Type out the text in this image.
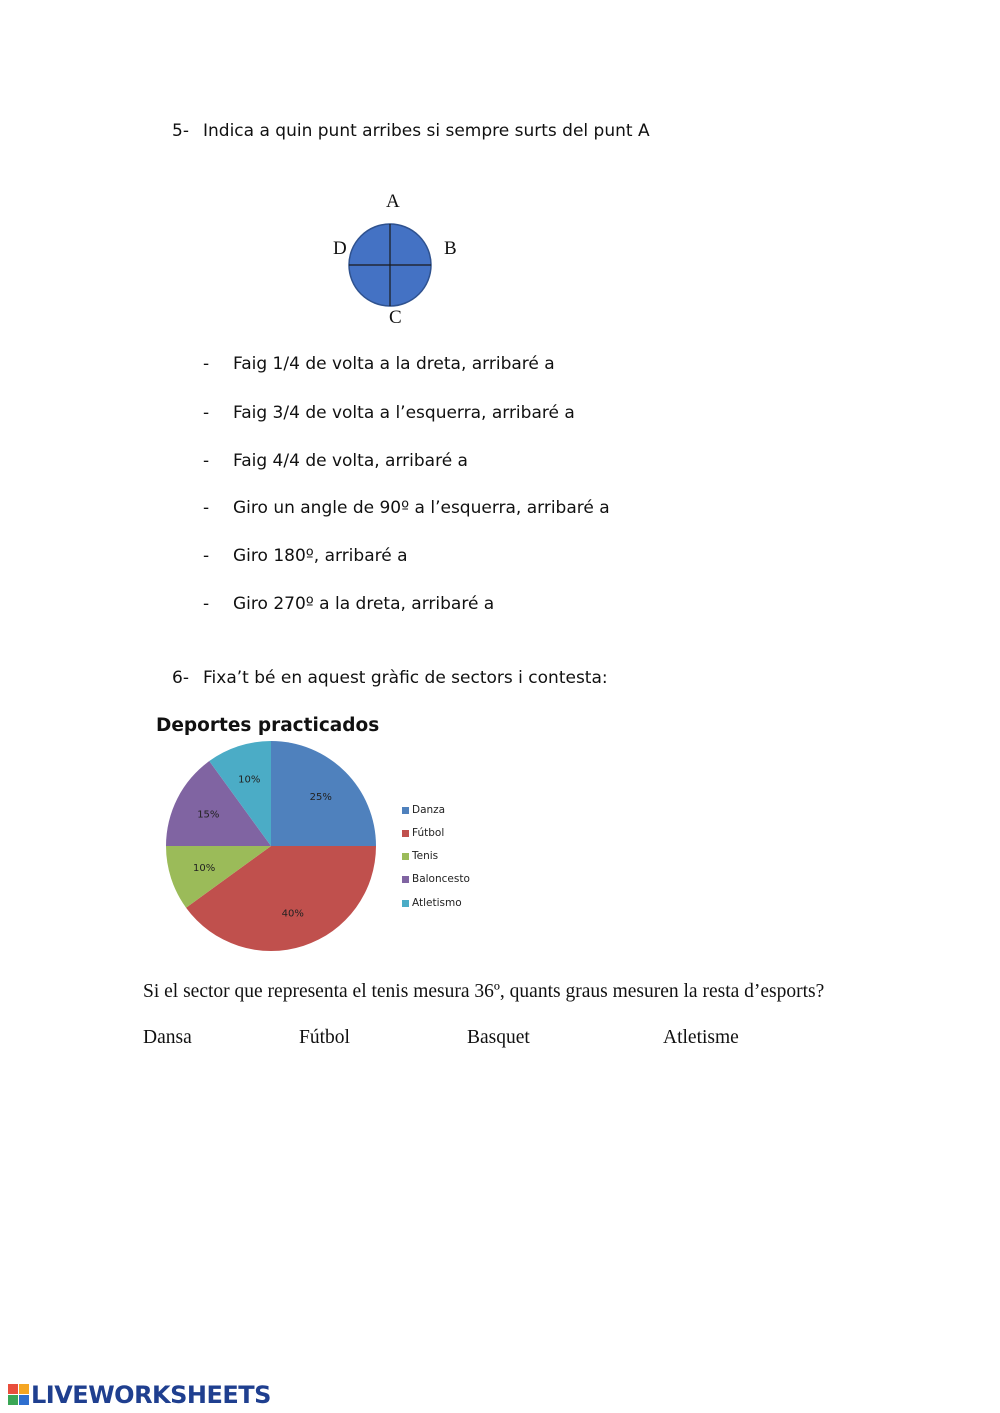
5- Indica a quin punt arribes si sempre surts del punt A
A
B
C
D
- Faig 1/4 de volta a la dreta, arribaré a
- Faig 3/4 de volta a l’esquerra, arribaré a
- Faig 4/4 de volta, arribaré a
- Giro un angle de 90º a l’esquerra, arribaré a
- Giro 180º, arribaré a
- Giro 270º a la dreta, arribaré a
6- Fixa’t bé en aquest gràfic de sectors i contesta:
Deportes practicados
25%
40%
10%
15%
10%
Danza
Fútbol
Tenis
Baloncesto
Atletismo
Si el sector que representa el tenis mesura 36º, quants graus mesuren la resta d’esports?
Dansa	Fútbol	Basquet	Atletisme
LIVEWORKSHEETS
